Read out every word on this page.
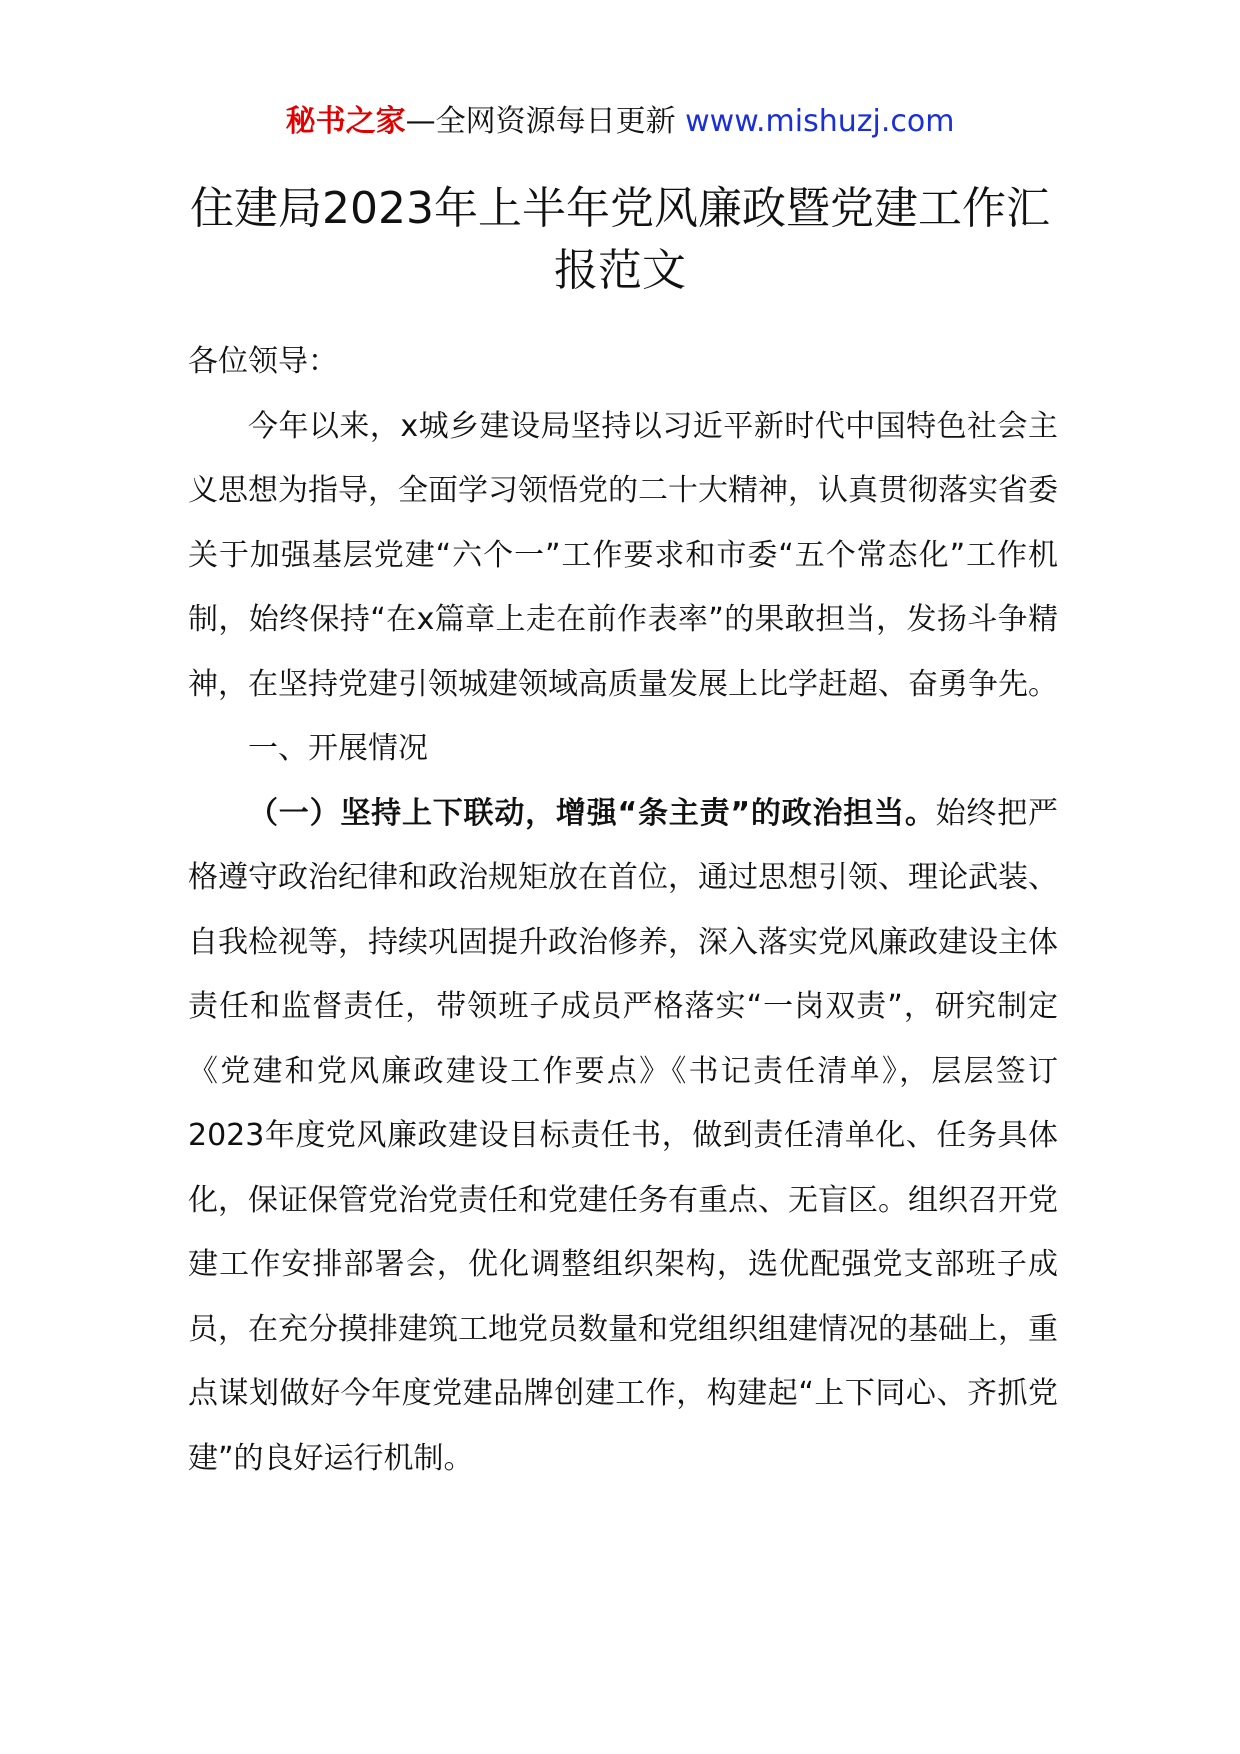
秘书之家—全网资源每日更新 www.mishuzj.com
住建局2023年上半年党风廉政暨党建工作汇报范文

各位领导：

今年以来，x城乡建设局坚持以习近平新时代中国特色社会主义思想为指导，全面学习领悟党的二十大精神，认真贯彻落实省委关于加强基层党建“六个一”工作要求和市委“五个常态化”工作机制，始终保持“在x篇章上走在前作表率”的果敢担当，发扬斗争精神，在坚持党建引领城建领域高质量发展上比学赶超、奋勇争先。

一、开展情况

（一）坚持上下联动，增强“条主责”的政治担当。始终把严格遵守政治纪律和政治规矩放在首位，通过思想引领、理论武装、自我检视等，持续巩固提升政治修养，深入落实党风廉政建设主体责任和监督责任，带领班子成员严格落实“一岗双责”，研究制定《党建和党风廉政建设工作要点》《书记责任清单》，层层签订2023年度党风廉政建设目标责任书，做到责任清单化、任务具体化，保证保管党治党责任和党建任务有重点、无盲区。组织召开党建工作安排部署会，优化调整组织架构，选优配强党支部班子成员，在充分摸排建筑工地党员数量和党组织组建情况的基础上，重点谋划做好今年度党建品牌创建工作，构建起“上下同心、齐抓党建”的良好运行机制。
